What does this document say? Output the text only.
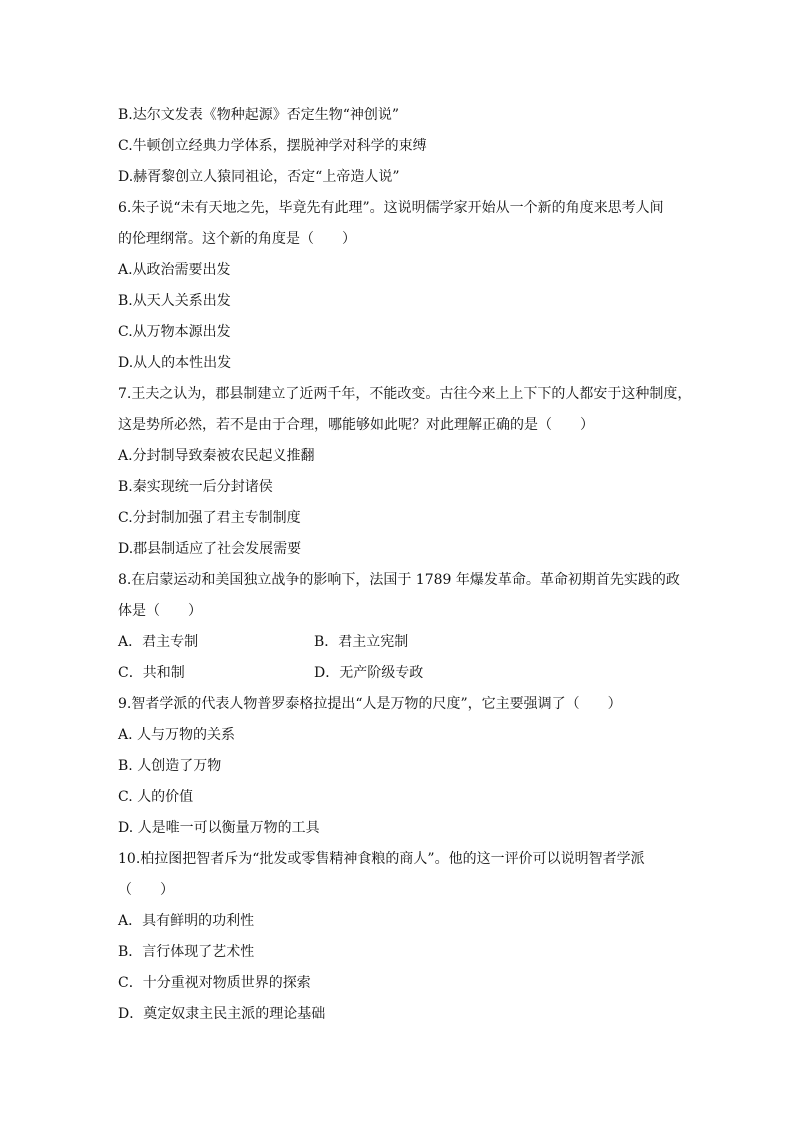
B.达尔文发表《物种起源》否定生物“神创说”
C.牛顿创立经典力学体系，摆脱神学对科学的束缚
D.赫胥黎创立人猿同祖论，否定“上帝造人说”
6.朱子说“未有天地之先，毕竟先有此理”。这说明儒学家开始从一个新的角度来思考人间
的伦理纲常。这个新的角度是（　　）
A.从政治需要出发
B.从天人关系出发
C.从万物本源出发
D.从人的本性出发
7.王夫之认为，郡县制建立了近两千年，不能改变。古往今来上上下下的人都安于这种制度，
这是势所必然，若不是由于合理，哪能够如此呢？对此理解正确的是（　　）
A.分封制导致秦被农民起义推翻
B.秦实现统一后分封诸侯
C.分封制加强了君主专制制度
D.郡县制适应了社会发展需要
8.在启蒙运动和美国独立战争的影响下，法国于 1789 年爆发革命。革命初期首先实践的政
体是（　　）
A．君主专制	B．君主立宪制
C．共和制	D．无产阶级专政
9.智者学派的代表人物普罗泰格拉提出“人是万物的尺度”，它主要强调了（　　）
A. 人与万物的关系
B. 人创造了万物
C. 人的价值
D. 人是唯一可以衡量万物的工具
10.柏拉图把智者斥为“批发或零售精神食粮的商人”。他的这一评价可以说明智者学派
（　　）
A．具有鲜明的功利性
B．言行体现了艺术性
C．十分重视对物质世界的探索
D．奠定奴隶主民主派的理论基础
